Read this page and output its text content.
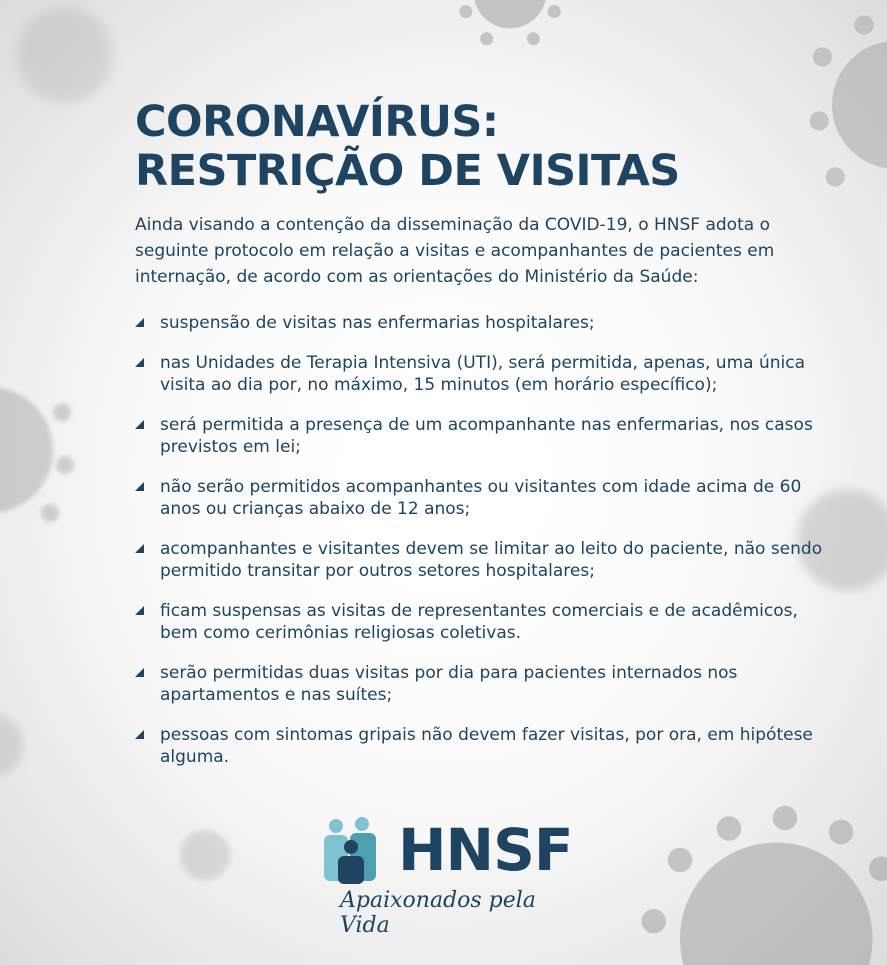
CORONAVÍRUS:
RESTRIÇÃO DE VISITAS

Ainda visando a contenção da disseminação da COVID-19, o HNSF adota o seguinte protocolo em relação a visitas e acompanhantes de pacientes em internação, de acordo com as orientações do Ministério da Saúde:

suspensão de visitas nas enfermarias hospitalares;
nas Unidades de Terapia Intensiva (UTI), será permitida, apenas, uma única visita ao dia por, no máximo, 15 minutos (em horário específico);
será permitida a presença de um acompanhante nas enfermarias, nos casos previstos em lei;
não serão permitidos acompanhantes ou visitantes com idade acima de 60 anos ou crianças abaixo de 12 anos;
acompanhantes e visitantes devem se limitar ao leito do paciente, não sendo permitido transitar por outros setores hospitalares;
ficam suspensas as visitas de representantes comerciais e de acadêmicos, bem como cerimônias religiosas coletivas.
serão permitidas duas visitas por dia para pacientes internados nos apartamentos e nas suítes;
pessoas com sintomas gripais não devem fazer visitas, por ora, em hipótese alguma.
HNSF
Apaixonados pela Vida
